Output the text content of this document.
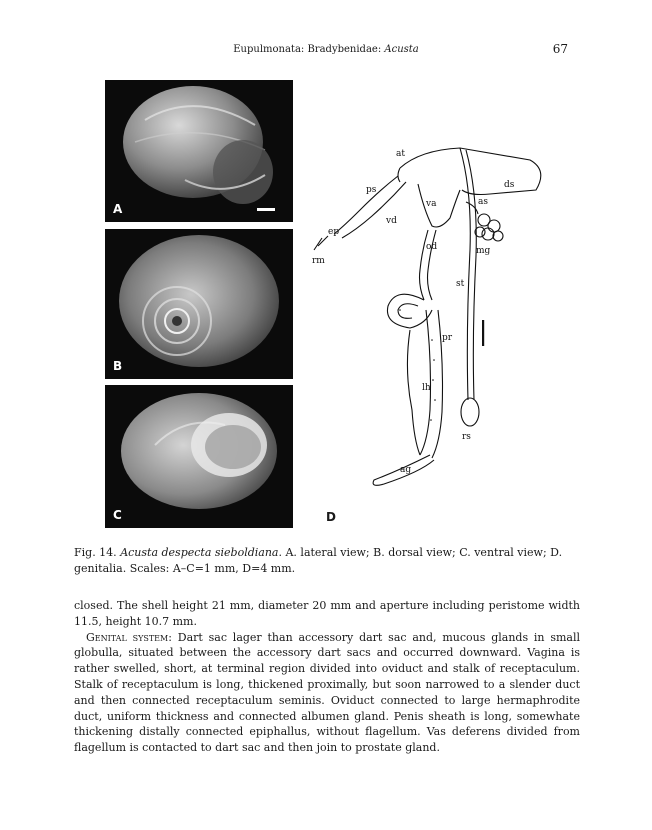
Eupulmonata: Bradybenidae: Acusta	67
A
B
C
at
ds
ps
va	as
vd
ep
rm
od	mg
st
pr
lh
rs
ag
D
Fig. 14. Acusta despecta sieboldiana. A. lateral view; B. dorsal view; C. ventral view; D. genitalia. Scales: A–C=1 mm, D=4 mm.

closed. The shell height 21 mm, diameter 20 mm and aperture including peristome width 11.5, height 10.7 mm.

Genital system: Dart sac lager than accessory dart sac and, mucous glands in small globulla, situated between the accessory dart sacs and occurred downward. Vagina is rather swelled, short, at terminal region divided into oviduct and stalk of receptaculum. Stalk of receptaculum is long, thickened proximally, but soon narrowed to a slender duct and then connected receptaculum seminis. Oviduct connected to large hermaphrodite duct, uniform thickness and connected albumen gland. Penis sheath is long, somewhate thickening distally connected epiphallus, without flagellum. Vas deferens divided from flagellum is contacted to dart sac and then join to prostate gland.
